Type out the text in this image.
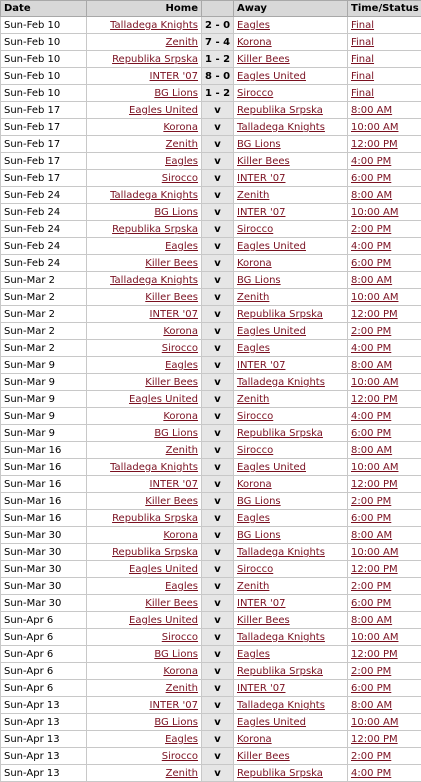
Date	Home		Away	Time/Status
Sun-Feb 10	Talladega Knights	2 - 0	Eagles	Final
Sun-Feb 10	Zenith	7 - 4	Korona	Final
Sun-Feb 10	Republika Srpska	1 - 2	Killer Bees	Final
Sun-Feb 10	INTER '07	8 - 0	Eagles United	Final
Sun-Feb 10	BG Lions	1 - 2	Sirocco	Final
Sun-Feb 17	Eagles United	v	Republika Srpska	8:00 AM
Sun-Feb 17	Korona	v	Talladega Knights	10:00 AM
Sun-Feb 17	Zenith	v	BG Lions	12:00 PM
Sun-Feb 17	Eagles	v	Killer Bees	4:00 PM
Sun-Feb 17	Sirocco	v	INTER '07	6:00 PM
Sun-Feb 24	Talladega Knights	v	Zenith	8:00 AM
Sun-Feb 24	BG Lions	v	INTER '07	10:00 AM
Sun-Feb 24	Republika Srpska	v	Sirocco	2:00 PM
Sun-Feb 24	Eagles	v	Eagles United	4:00 PM
Sun-Feb 24	Killer Bees	v	Korona	6:00 PM
Sun-Mar 2	Talladega Knights	v	BG Lions	8:00 AM
Sun-Mar 2	Killer Bees	v	Zenith	10:00 AM
Sun-Mar 2	INTER '07	v	Republika Srpska	12:00 PM
Sun-Mar 2	Korona	v	Eagles United	2:00 PM
Sun-Mar 2	Sirocco	v	Eagles	4:00 PM
Sun-Mar 9	Eagles	v	INTER '07	8:00 AM
Sun-Mar 9	Killer Bees	v	Talladega Knights	10:00 AM
Sun-Mar 9	Eagles United	v	Zenith	12:00 PM
Sun-Mar 9	Korona	v	Sirocco	4:00 PM
Sun-Mar 9	BG Lions	v	Republika Srpska	6:00 PM
Sun-Mar 16	Zenith	v	Sirocco	8:00 AM
Sun-Mar 16	Talladega Knights	v	Eagles United	10:00 AM
Sun-Mar 16	INTER '07	v	Korona	12:00 PM
Sun-Mar 16	Killer Bees	v	BG Lions	2:00 PM
Sun-Mar 16	Republika Srpska	v	Eagles	6:00 PM
Sun-Mar 30	Korona	v	BG Lions	8:00 AM
Sun-Mar 30	Republika Srpska	v	Talladega Knights	10:00 AM
Sun-Mar 30	Eagles United	v	Sirocco	12:00 PM
Sun-Mar 30	Eagles	v	Zenith	2:00 PM
Sun-Mar 30	Killer Bees	v	INTER '07	6:00 PM
Sun-Apr 6	Eagles United	v	Killer Bees	8:00 AM
Sun-Apr 6	Sirocco	v	Talladega Knights	10:00 AM
Sun-Apr 6	BG Lions	v	Eagles	12:00 PM
Sun-Apr 6	Korona	v	Republika Srpska	2:00 PM
Sun-Apr 6	Zenith	v	INTER '07	6:00 PM
Sun-Apr 13	INTER '07	v	Talladega Knights	8:00 AM
Sun-Apr 13	BG Lions	v	Eagles United	10:00 AM
Sun-Apr 13	Eagles	v	Korona	12:00 PM
Sun-Apr 13	Sirocco	v	Killer Bees	2:00 PM
Sun-Apr 13	Zenith	v	Republika Srpska	4:00 PM
